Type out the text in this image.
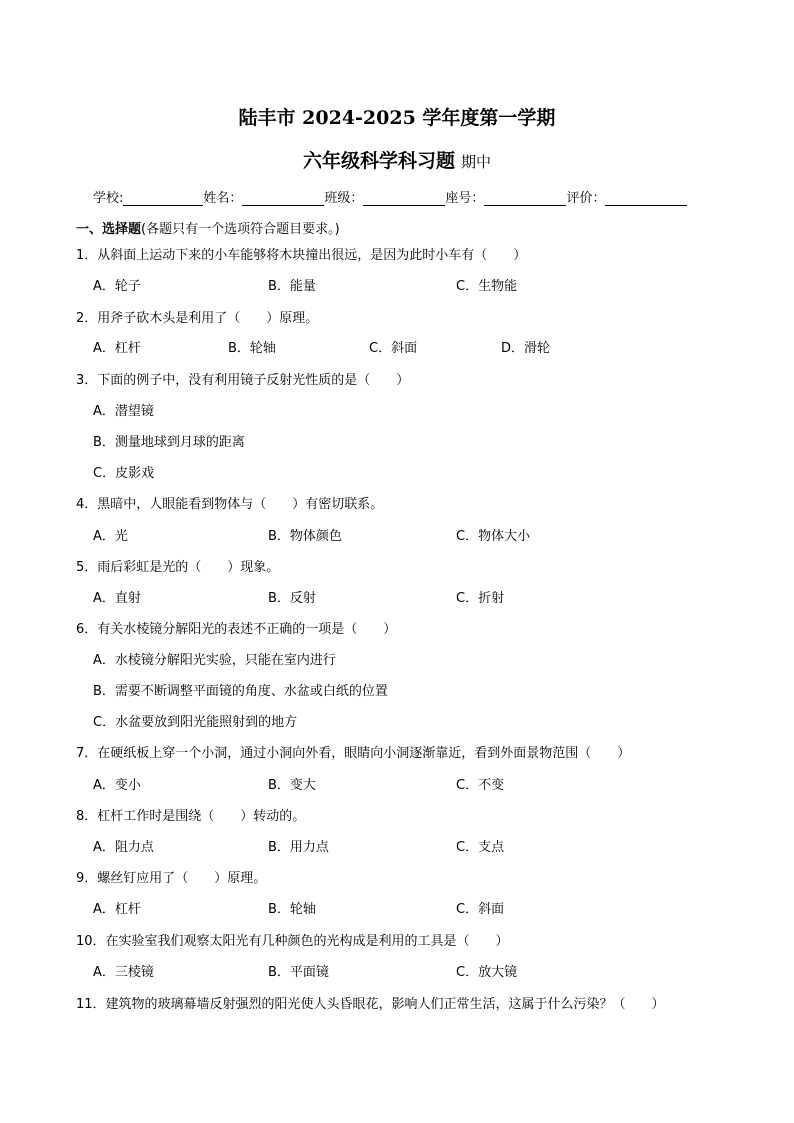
陆丰市 2024-2025 学年度第一学期
六年级科学科习题 期中
学校:	姓名：	班级：	座号：	评价：
一、选择题(各题只有一个选项符合题目要求。)
1．从斜面上运动下来的小车能够将木块撞出很远，是因为此时小车有（　　）
A．轮子	B．能量	C．生物能
2．用斧子砍木头是利用了（　　）原理。
A．杠杆	B．轮轴	C．斜面	D．滑轮
3．下面的例子中，没有利用镜子反射光性质的是（　　）
A．潜望镜
B．测量地球到月球的距离
C．皮影戏
4．黑暗中，人眼能看到物体与（　　）有密切联系。
A．光	B．物体颜色	C．物体大小
5．雨后彩虹是光的（　　）现象。
A．直射	B．反射	C．折射
6．有关水棱镜分解阳光的表述不正确的一项是（　　）
A．水棱镜分解阳光实验，只能在室内进行
B．需要不断调整平面镜的角度、水盆或白纸的位置
C．水盆要放到阳光能照射到的地方
7．在硬纸板上穿一个小洞，通过小洞向外看，眼睛向小洞逐渐靠近，看到外面景物范围（　　）
A．变小	B．变大	C．不变
8．杠杆工作时是围绕（　　）转动的。
A．阻力点	B．用力点	C．支点
9．螺丝钉应用了（　　）原理。
A．杠杆	B．轮轴	C．斜面
10．在实验室我们观察太阳光有几种颜色的光构成是利用的工具是（　　）
A．三棱镜	B．平面镜	C．放大镜
11．建筑物的玻璃幕墙反射强烈的阳光使人头昏眼花，影响人们正常生活，这属于什么污染？（　　）
